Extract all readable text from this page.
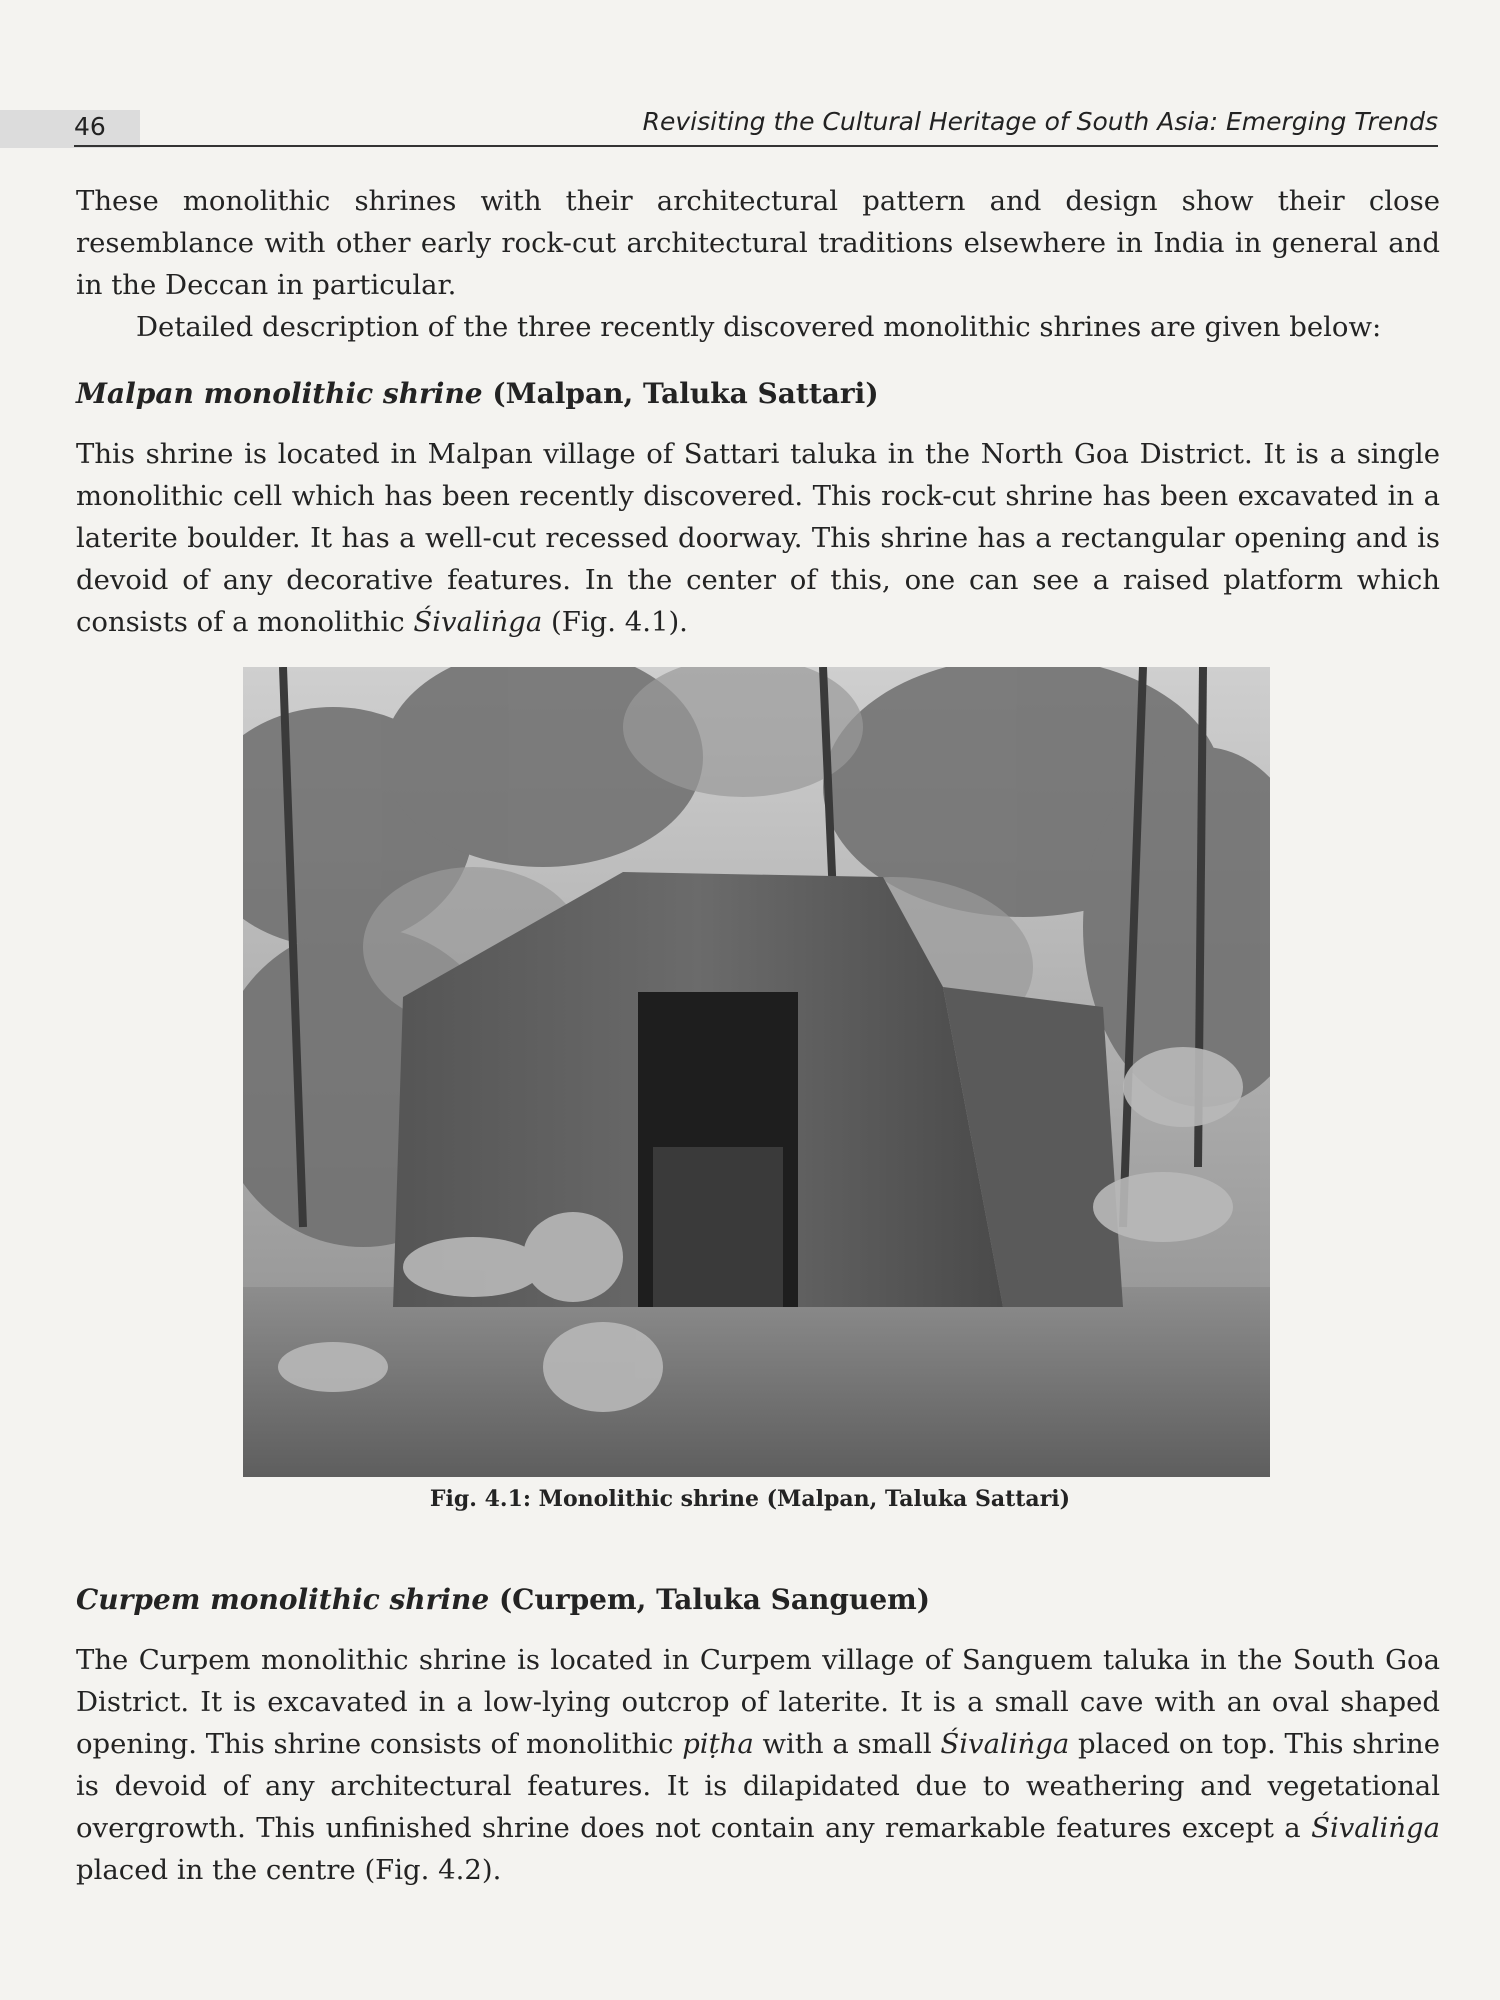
46	Revisiting the Cultural Heritage of South Asia: Emerging Trends

These monolithic shrines with their architectural pattern and design show their close resemblance with other early rock-cut architectural traditions elsewhere in India in general and in the Deccan in particular.

Detailed description of the three recently discovered monolithic shrines are given below:

Malpan monolithic shrine (Malpan, Taluka Sattari)

This shrine is located in Malpan village of Sattari taluka in the North Goa District. It is a single monolithic cell which has been recently discovered. This rock-cut shrine has been excavated in a laterite boulder. It has a well-cut recessed doorway. This shrine has a rectangular opening and is devoid of any decorative features. In the center of this, one can see a raised platform which consists of a monolithic Śivaliṅga (Fig. 4.1).

Fig. 4.1: Monolithic shrine (Malpan, Taluka Sattari)

Curpem monolithic shrine (Curpem, Taluka Sanguem)

The Curpem monolithic shrine is located in Curpem village of Sanguem taluka in the South Goa District. It is excavated in a low-lying outcrop of laterite. It is a small cave with an oval shaped opening. This shrine consists of monolithic piṭha with a small Śivaliṅga placed on top. This shrine is devoid of any architectural features. It is dilapidated due to weathering and vegetational overgrowth. This unfinished shrine does not contain any remarkable features except a Śivaliṅga placed in the centre (Fig. 4.2).
